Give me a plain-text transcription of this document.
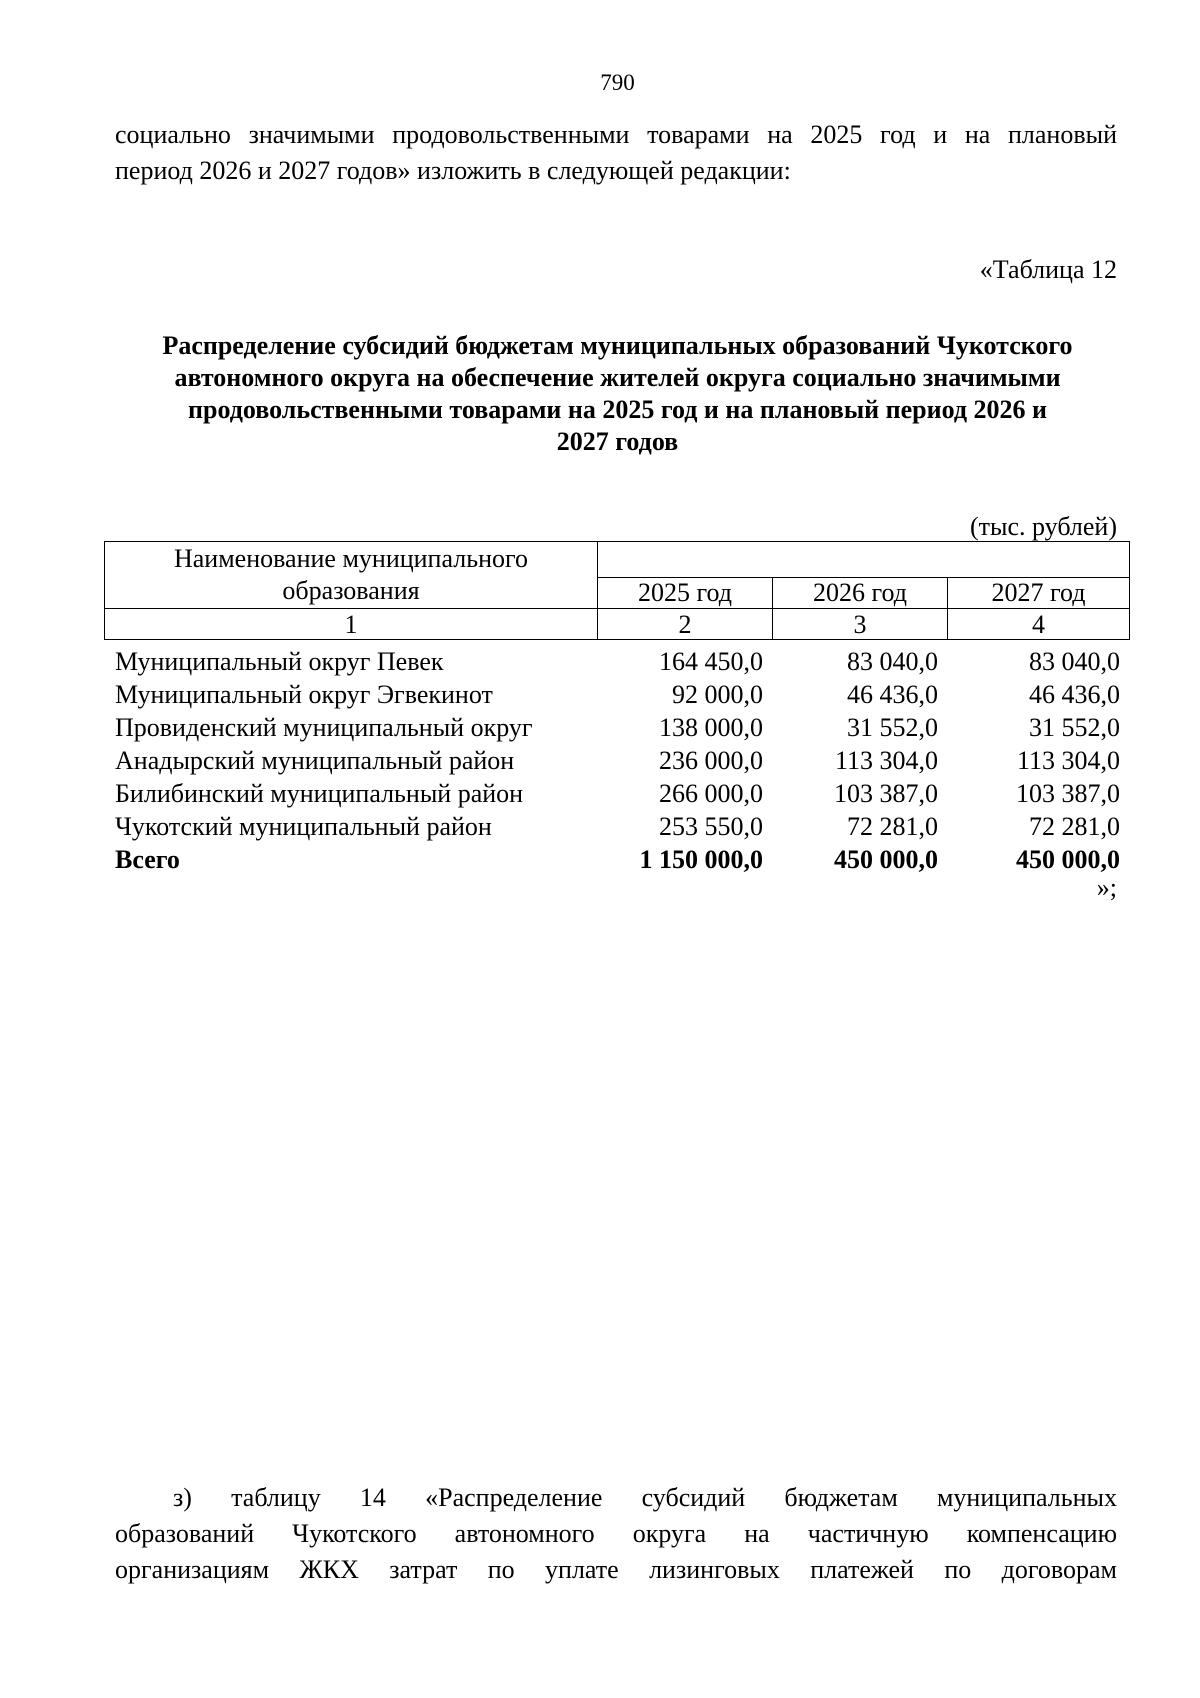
790
социально значимыми продовольственными товарами на 2025 год и на плановый
период 2026 и 2027 годов» изложить в следующей редакции:
«Таблица 12
Распределение субсидий бюджетам муниципальных образований Чукотского
автономного округа на обеспечение жителей округа социально значимыми
продовольственными товарами на 2025 год и на плановый период 2026 и
2027 годов
(тыс. рублей)
Наименование муниципального
образования			

	2025 год	2026 год	2027 год
1	2	3	4
Муниципальный округ Певек	164 450,0	83 040,0	83 040,0
Муниципальный округ Эгвекинот	92 000,0	46 436,0	46 436,0
Провиденский муниципальный округ	138 000,0	31 552,0	31 552,0
Анадырский муниципальный район	236 000,0	113 304,0	113 304,0
Билибинский муниципальный район	266 000,0	103 387,0	103 387,0
Чукотский муниципальный район	253 550,0	72 281,0	72 281,0
Всего	1 150 000,0	450 000,0	450 000,0
»;
з) таблицу 14 «Распределение субсидий бюджетам муниципальных
образований Чукотского автономного округа на частичную компенсацию
организациям ЖКХ затрат по уплате лизинговых платежей по договорам
